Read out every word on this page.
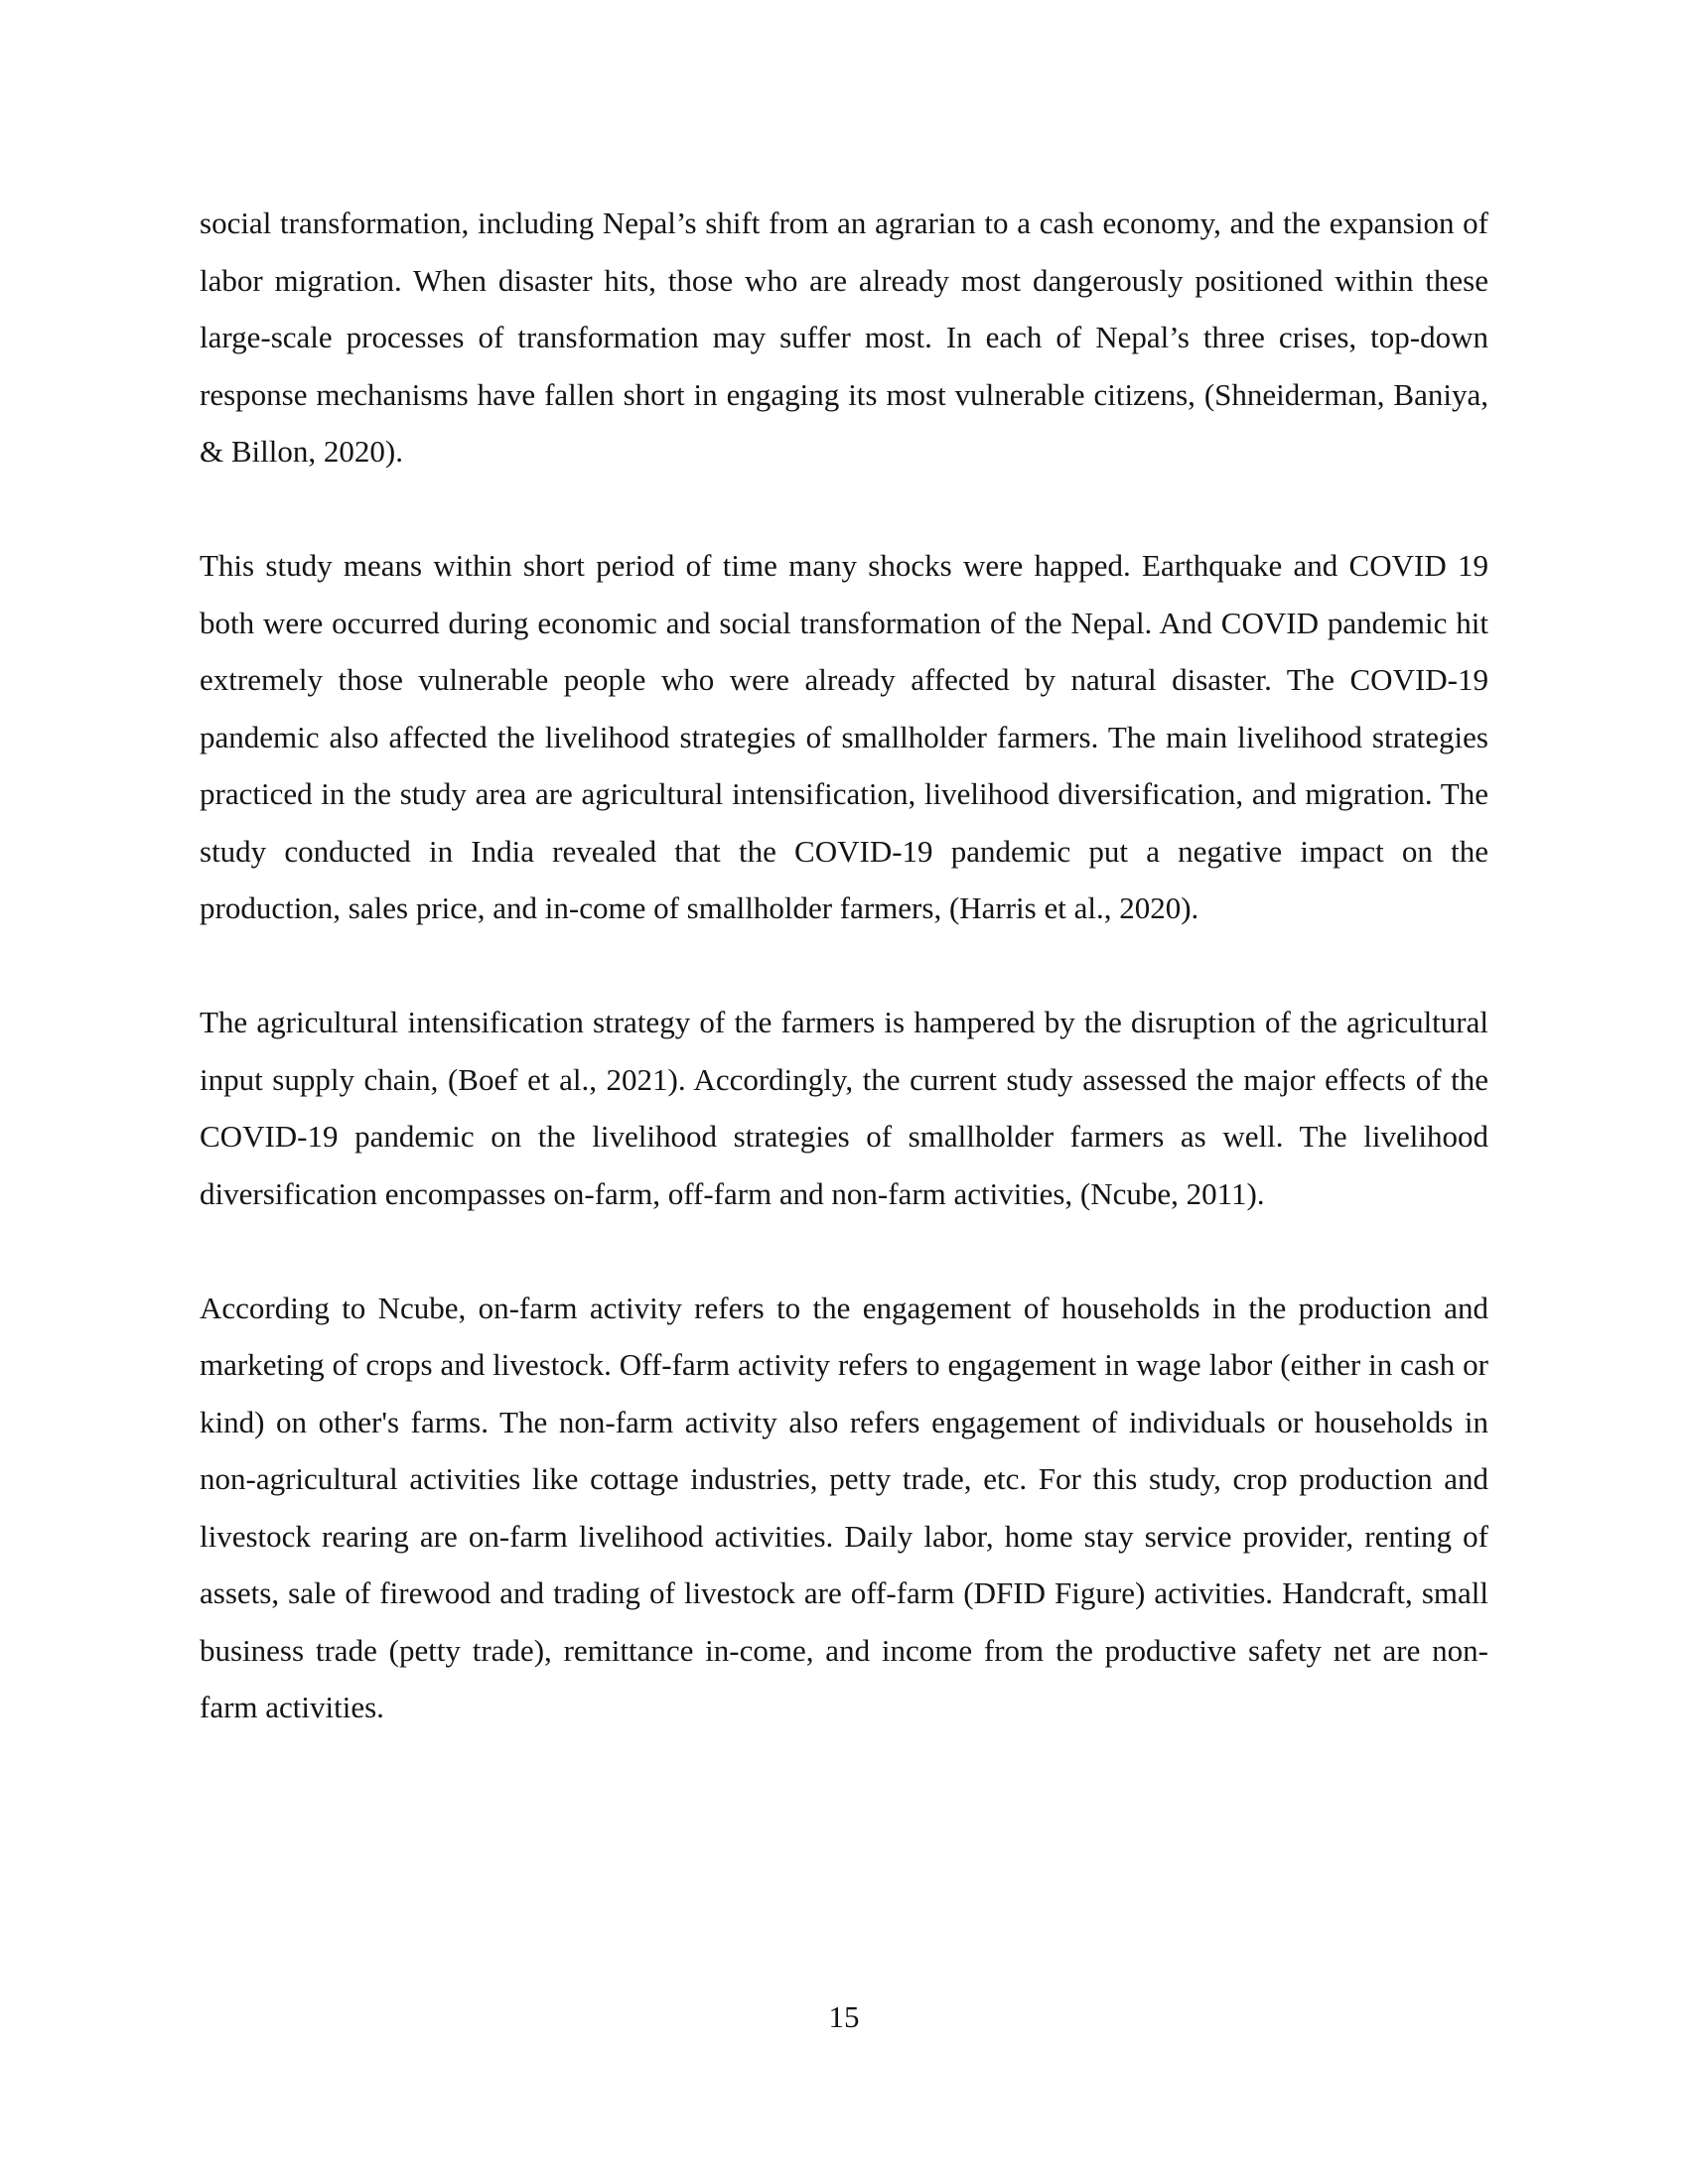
social transformation, including Nepal’s shift from an agrarian to a cash economy, and the expansion of labor migration. When disaster hits, those who are already most dangerously positioned within these large-scale processes of transformation may suffer most. In each of Nepal’s three crises, top-down response mechanisms have fallen short in engaging its most vulnerable citizens, (Shneiderman, Baniya, & Billon, 2020).

This study means within short period of time many shocks were happed. Earthquake and COVID 19 both were occurred during economic and social transformation of the Nepal. And COVID pandemic hit extremely those vulnerable people who were already affected by natural disaster. The COVID-19 pandemic also affected the livelihood strategies of smallholder farmers. The main livelihood strategies practiced in the study area are agricultural intensification, livelihood diversification, and migration. The study conducted in India revealed that the COVID-19 pandemic put a negative impact on the production, sales price, and in-come of smallholder farmers, (Harris et al., 2020).

The agricultural intensification strategy of the farmers is hampered by the disruption of the agricultural input supply chain, (Boef et al., 2021). Accordingly, the current study assessed the major effects of the COVID-19 pandemic on the livelihood strategies of smallholder farmers as well. The livelihood diversification encompasses on-farm, off-farm and non-farm activities, (Ncube, 2011).

According to Ncube, on-farm activity refers to the engagement of households in the production and marketing of crops and livestock. Off-farm activity refers to engagement in wage labor (either in cash or kind) on other's farms. The non-farm activity also refers engagement of individuals or households in non-agricultural activities like cottage industries, petty trade, etc. For this study, crop production and livestock rearing are on-farm livelihood activities. Daily labor, home stay service provider, renting of assets, sale of firewood and trading of livestock are off-farm (DFID Figure) activities. Handcraft, small business trade (petty trade), remittance in-come, and income from the productive safety net are non-farm activities.

15
